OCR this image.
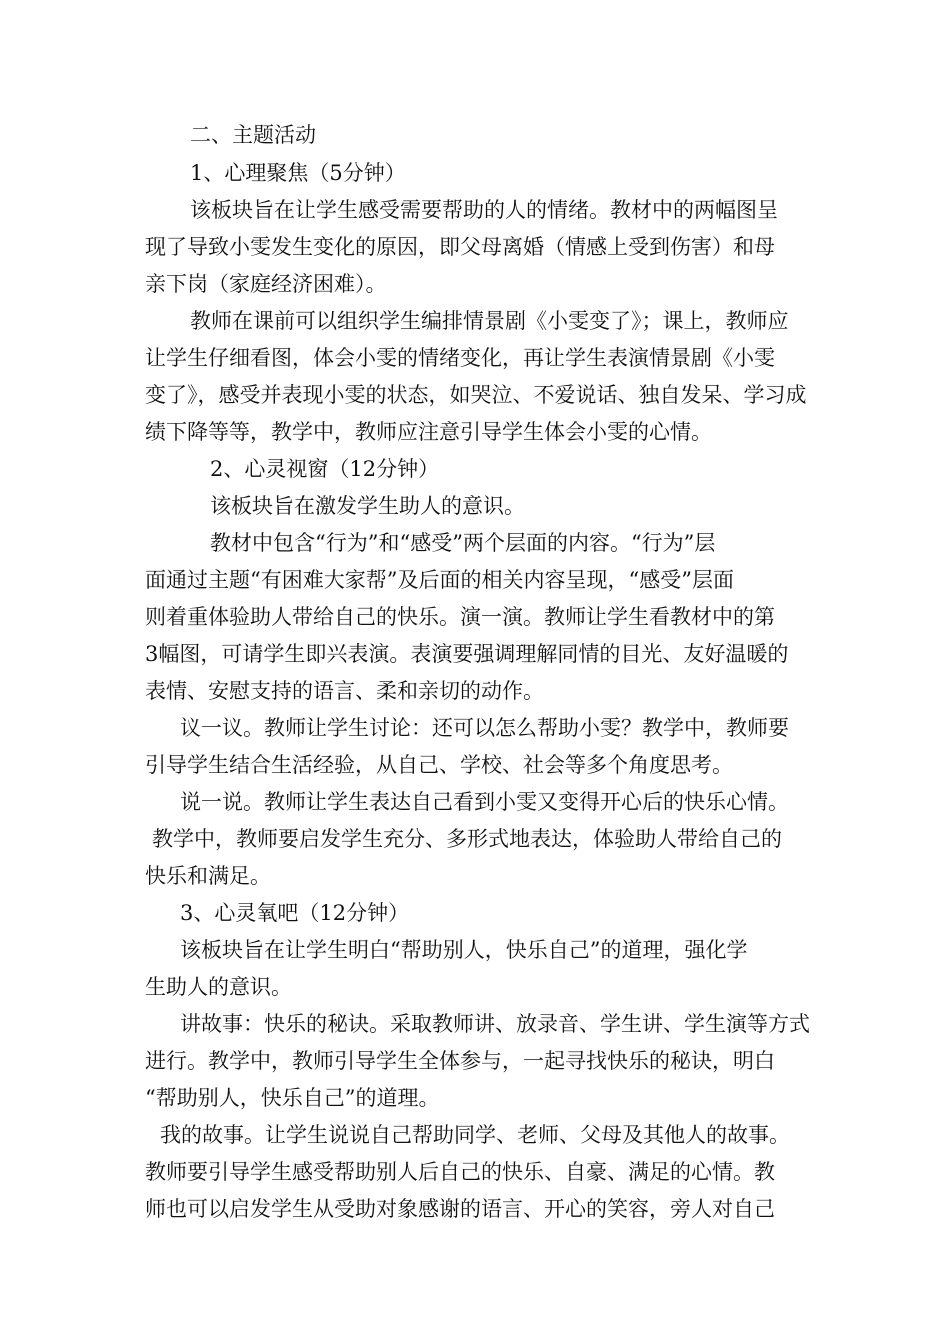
二、主题活动
1、心理聚焦（5分钟）
该板块旨在让学生感受需要帮助的人的情绪。教材中的两幅图呈
现了导致小雯发生变化的原因，即父母离婚（情感上受到伤害）和母
亲下岗（家庭经济困难）。
教师在课前可以组织学生编排情景剧《小雯变了》；课上，教师应
让学生仔细看图，体会小雯的情绪变化，再让学生表演情景剧《小雯
变了》，感受并表现小雯的状态，如哭泣、不爱说话、独自发呆、学习成
绩下降等等，教学中，教师应注意引导学生体会小雯的心情。
2、心灵视窗（12分钟）
该板块旨在激发学生助人的意识。
教材中包含“行为”和“感受”两个层面的内容。“行为”层
面通过主题“有困难大家帮”及后面的相关内容呈现，“感受”层面
则着重体验助人带给自己的快乐。演一演。教师让学生看教材中的第
3幅图，可请学生即兴表演。表演要强调理解同情的目光、友好温暖的
表情、安慰支持的语言、柔和亲切的动作。
议一议。教师让学生讨论：还可以怎么帮助小雯？教学中，教师要
引导学生结合生活经验，从自己、学校、社会等多个角度思考。
说一说。教师让学生表达自己看到小雯又变得开心后的快乐心情。
教学中，教师要启发学生充分、多形式地表达，体验助人带给自己的
快乐和满足。
3、心灵氧吧（12分钟）
该板块旨在让学生明白“帮助别人，快乐自己”的道理，强化学
生助人的意识。
讲故事：快乐的秘诀。采取教师讲、放录音、学生讲、学生演等方式
进行。教学中，教师引导学生全体参与，一起寻找快乐的秘诀，明白
“帮助别人，快乐自己”的道理。
我的故事。让学生说说自己帮助同学、老师、父母及其他人的故事。
教师要引导学生感受帮助别人后自己的快乐、自豪、满足的心情。教
师也可以启发学生从受助对象感谢的语言、开心的笑容，旁人对自己
